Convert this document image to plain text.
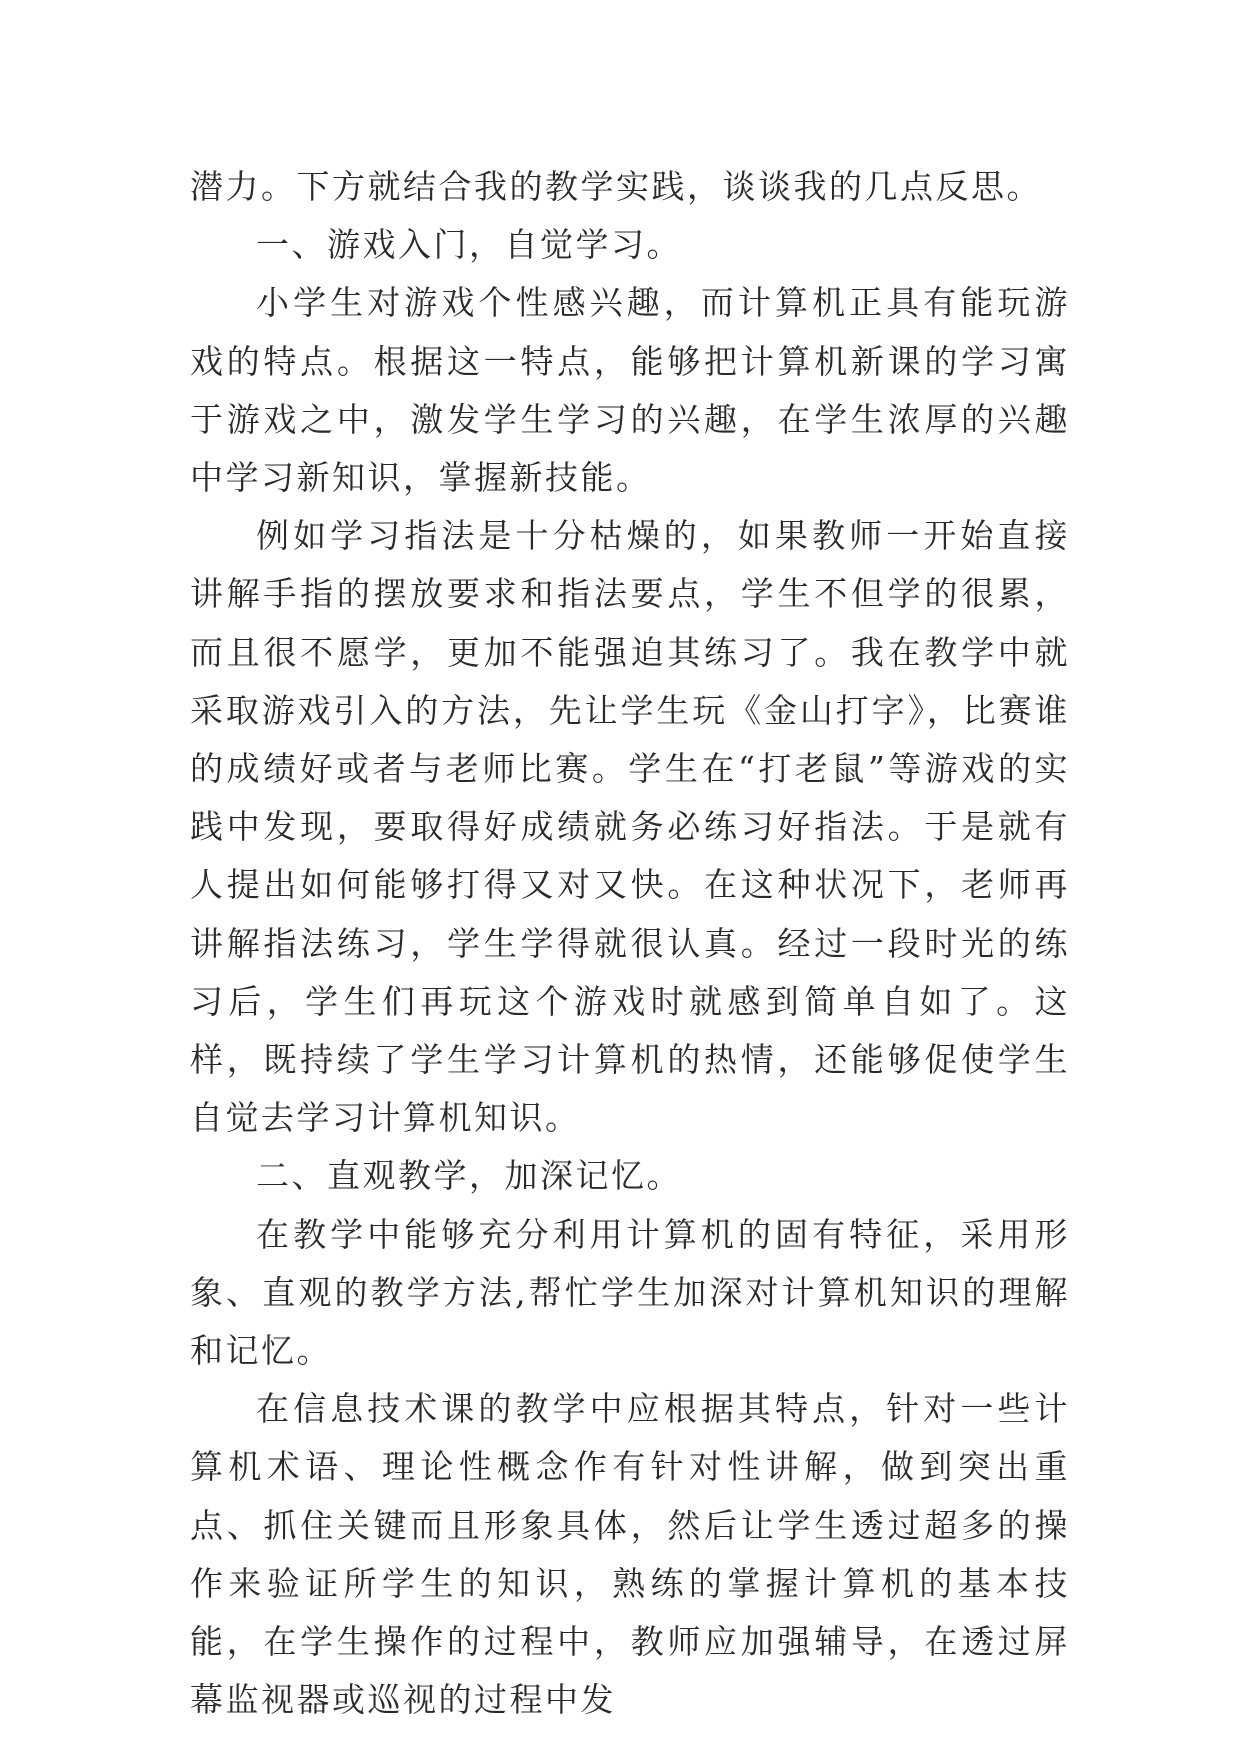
潜力。下方就结合我的教学实践，谈谈我的几点反思。

一、游戏入门，自觉学习。

小学生对游戏个性感兴趣，而计算机正具有能玩游戏的特点。根据这一特点，能够把计算机新课的学习寓于游戏之中，激发学生学习的兴趣，在学生浓厚的兴趣中学习新知识，掌握新技能。

例如学习指法是十分枯燥的，如果教师一开始直接讲解手指的摆放要求和指法要点，学生不但学的很累，而且很不愿学，更加不能强迫其练习了。我在教学中就采取游戏引入的方法，先让学生玩《金山打字》，比赛谁的成绩好或者与老师比赛。学生在“打老鼠”等游戏的实践中发现，要取得好成绩就务必练习好指法。于是就有人提出如何能够打得又对又快。在这种状况下，老师再讲解指法练习，学生学得就很认真。经过一段时光的练习后，学生们再玩这个游戏时就感到简单自如了。这样，既持续了学生学习计算机的热情，还能够促使学生自觉去学习计算机知识。

二、直观教学，加深记忆。

在教学中能够充分利用计算机的固有特征，采用形象、直观的教学方法,帮忙学生加深对计算机知识的理解和记忆。

在信息技术课的教学中应根据其特点，针对一些计算机术语、理论性概念作有针对性讲解，做到突出重点、抓住关键而且形象具体，然后让学生透过超多的操作来验证所学生的知识，熟练的掌握计算机的基本技能，在学生操作的过程中，教师应加强辅导，在透过屏幕监视器或巡视的过程中发
